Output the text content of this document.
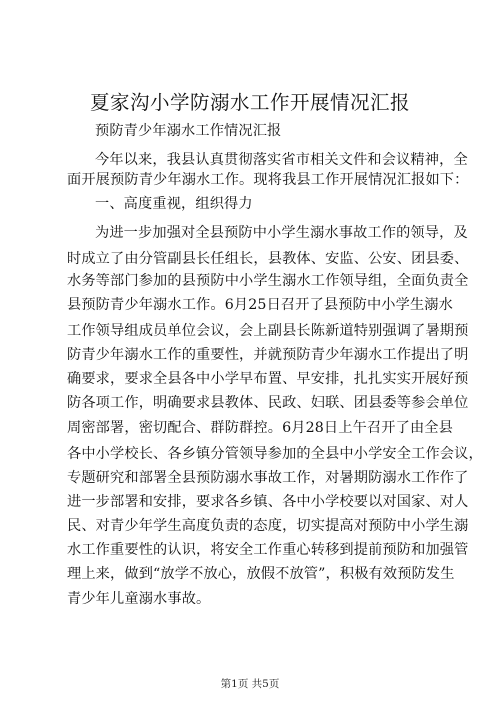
夏家沟小学防溺水工作开展情况汇报
预防青少年溺水工作情况汇报
今年以来，我县认真贯彻落实省市相关文件和会议精神，全
面开展预防青少年溺水工作。现将我县工作开展情况汇报如下：
一、高度重视，组织得力
为进一步加强对全县预防中小学生溺水事故工作的领导，及
时成立了由分管副县长任组长，县教体、安监、公安、团县委、
水务等部门参加的县预防中小学生溺水工作领导组，全面负责全
县预防青少年溺水工作。6月25日召开了县预防中小学生溺水
工作领导组成员单位会议，会上副县长陈新道特别强调了暑期预
防青少年溺水工作的重要性，并就预防青少年溺水工作提出了明
确要求，要求全县各中小学早布置、早安排，扎扎实实开展好预
防各项工作，明确要求县教体、民政、妇联、团县委等参会单位
周密部署，密切配合、群防群控。6月28日上午召开了由全县
各中小学校长、各乡镇分管领导参加的全县中小学安全工作会议，
专题研究和部署全县预防溺水事故工作，对暑期防溺水工作作了
进一步部署和安排，要求各乡镇、各中小学校要以对国家、对人
民、对青少年学生高度负责的态度，切实提高对预防中小学生溺
水工作重要性的认识，将安全工作重心转移到提前预防和加强管
理上来，做到“放学不放心，放假不放管”，积极有效预防发生
青少年儿童溺水事故。
第1页 共5页
